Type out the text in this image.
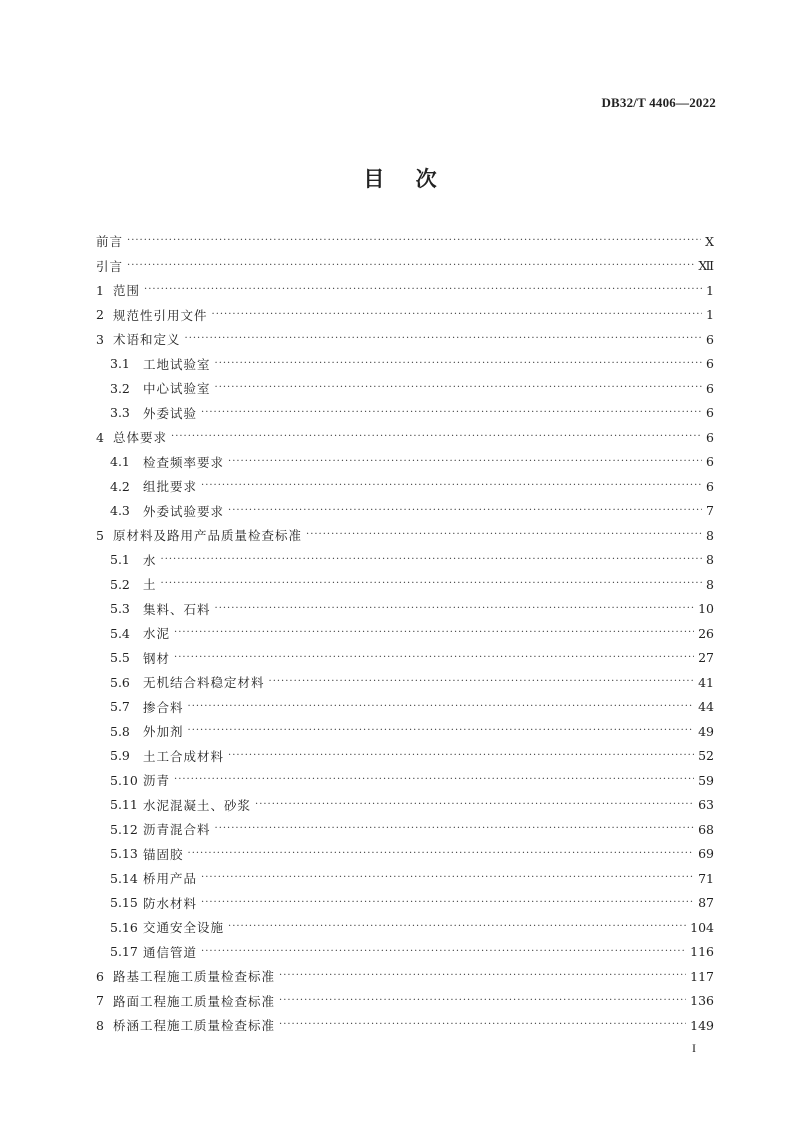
DB32/T 4406—2022
目 次
前言 ·····	Ⅹ
引言 ·····	Ⅻ
1 范围 ·····	1
2 规范性引用文件 ·····	1
3 术语和定义 ·····	6
3.1	工地试验室 ·····	6
3.2	中心试验室 ·····	6
3.3	外委试验 ·····	6
4 总体要求 ·····	6
4.1	检查频率要求 ·····	6
4.2	组批要求 ·····	6
4.3	外委试验要求 ·····	7
5 原材料及路用产品质量检查标准 ·····	8
5.1	水 ·····	8
5.2	土 ·····	8
5.3	集料、石料 ·····	10
5.4	水泥 ·····	26
5.5	钢材 ·····	27
5.6	无机结合料稳定材料 ·····	41
5.7	掺合料 ·····	44
5.8	外加剂 ·····	49
5.9	土工合成材料 ·····	52
5.10 沥青 ·····	59
5.11 水泥混凝土、砂浆 ·····	63
5.12 沥青混合料 ·····	68
5.13 锚固胶 ·····	69
5.14 桥用产品 ·····	71
5.15 防水材料 ·····	87
5.16 交通安全设施 ·····	104
5.17 通信管道 ·····	116
6 路基工程施工质量检查标准 ·····	117
7 路面工程施工质量检查标准 ·····	136
8 桥涵工程施工质量检查标准 ·····	149
I
